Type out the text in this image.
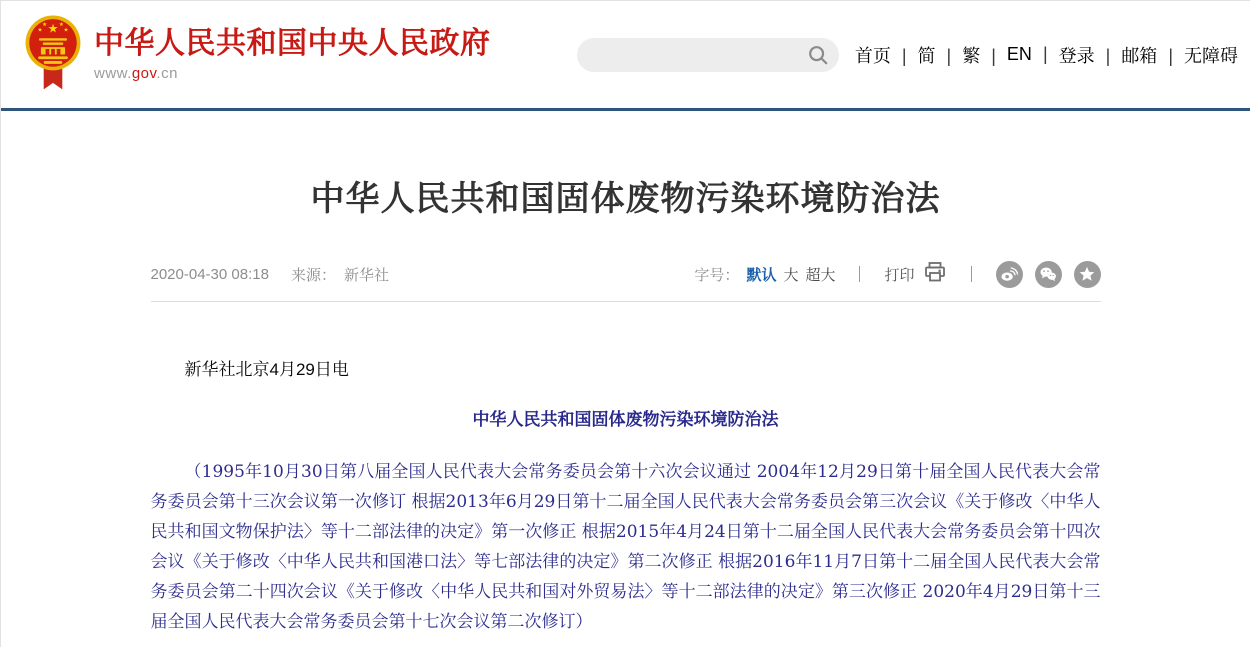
★
★	★
★ ★
中华人民共和国中央人民政府
www.gov.cn
首页 |	简 |	繁 |	EN |	登录 |	邮箱 |	无障碍
中华人民共和国固体废物污染环境防治法
2020-04-30 08:18 来源： 新华社	字号： 默认 大 超大	打印

新华社北京4月29日电

中华人民共和国固体废物污染环境防治法

（1995年10月30日第八届全国人民代表大会常务委员会第十六次会议通过 2004年12月29日第十届全国人民代表大会常务委员会第十三次会议第一次修订 根据2013年6月29日第十二届全国人民代表大会常务委员会第三次会议《关于修改〈中华人民共和国文物保护法〉等十二部法律的决定》第一次修正 根据2015年4月24日第十二届全国人民代表大会常务委员会第十四次会议《关于修改〈中华人民共和国港口法〉等七部法律的决定》第二次修正 根据2016年11月7日第十二届全国人民代表大会常务委员会第二十四次会议《关于修改〈中华人民共和国对外贸易法〉等十二部法律的决定》第三次修正 2020年4月29日第十三届全国人民代表大会常务委员会第十七次会议第二次修订）
